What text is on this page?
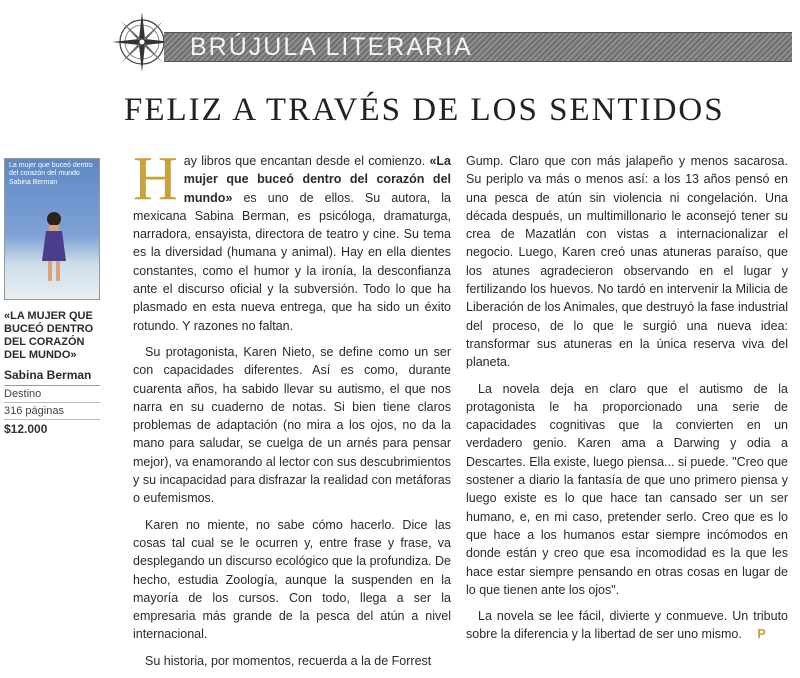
BRÚJULA LITERARIA
FELIZ A TRAVÉS DE LOS SENTIDOS
La mujer que buceó dentro del corazón del mundo
Sabina Berman
«LA MUJER QUE BUCEÓ DENTRO DEL CORAZÓN DEL MUNDO»
Sabina Berman
Destino
316 páginas
$12.000

H ay libros que encantan desde el comienzo. «La mujer que buceó dentro del corazón del mundo» es uno de ellos. Su autora, la mexicana Sabina Berman, es psicóloga, dramaturga, narradora, ensayista, directora de teatro y cine. Su tema es la diversidad (humana y animal). Hay en ella dientes constantes, como el humor y la ironía, la desconfianza ante el discurso oficial y la subversión. Todo lo que ha plasmado en esta nueva entrega, que ha sido un éxito rotundo. Y razones no faltan.

Su protagonista, Karen Nieto, se define como un ser con capacidades diferentes. Así es como, durante cuarenta años, ha sabido llevar su autismo, el que nos narra en su cuaderno de notas. Si bien tiene claros problemas de adaptación (no mira a los ojos, no da la mano para saludar, se cuelga de un arnés para pensar mejor), va enamorando al lector con sus descubrimientos y su incapacidad para disfrazar la realidad con metáforas o eufemismos.

Karen no miente, no sabe cómo hacerlo. Dice las cosas tal cual se le ocurren y, entre frase y frase, va desplegando un discurso ecológico que la profundiza. De hecho, estudia Zoología, aunque la suspenden en la mayoría de los cursos. Con todo, llega a ser la empresaria más grande de la pesca del atún a nivel internacional.

Su historia, por momentos, recuerda a la de Forrest

Gump. Claro que con más jalapeño y menos sacarosa. Su periplo va más o menos así: a los 13 años pensó en una pesca de atún sin violencia ni congelación. Una década después, un multimillonario le aconsejó tener su crea de Mazatlán con vistas a internacionalizar el negocio. Luego, Karen creó unas atuneras paraíso, que los atunes agradecieron observando en el lugar y fertilizando los huevos. No tardó en intervenir la Milicia de Liberación de los Animales, que destruyó la fase industrial del proceso, de lo que le surgió una nueva idea: transformar sus atuneras en la única reserva viva del planeta.

La novela deja en claro que el autismo de la protagonista le ha proporcionado una serie de capacidades cognitivas que la convierten en un verdadero genio. Karen ama a Darwing y odia a Descartes. Ella existe, luego piensa... si puede. "Creo que sostener a diario la fantasía de que uno primero piensa y luego existe es lo que hace tan cansado ser un ser humano, e, en mi caso, pretender serlo. Creo que es lo que hace a los humanos estar siempre incómodos en donde están y creo que esa incomodidad es la que les hace estar siempre pensando en otras cosas en lugar de lo que tienen ante los ojos".

La novela se lee fácil, divierte y conmueve. Un tributo sobre la diferencia y la libertad de ser uno mismo. P
